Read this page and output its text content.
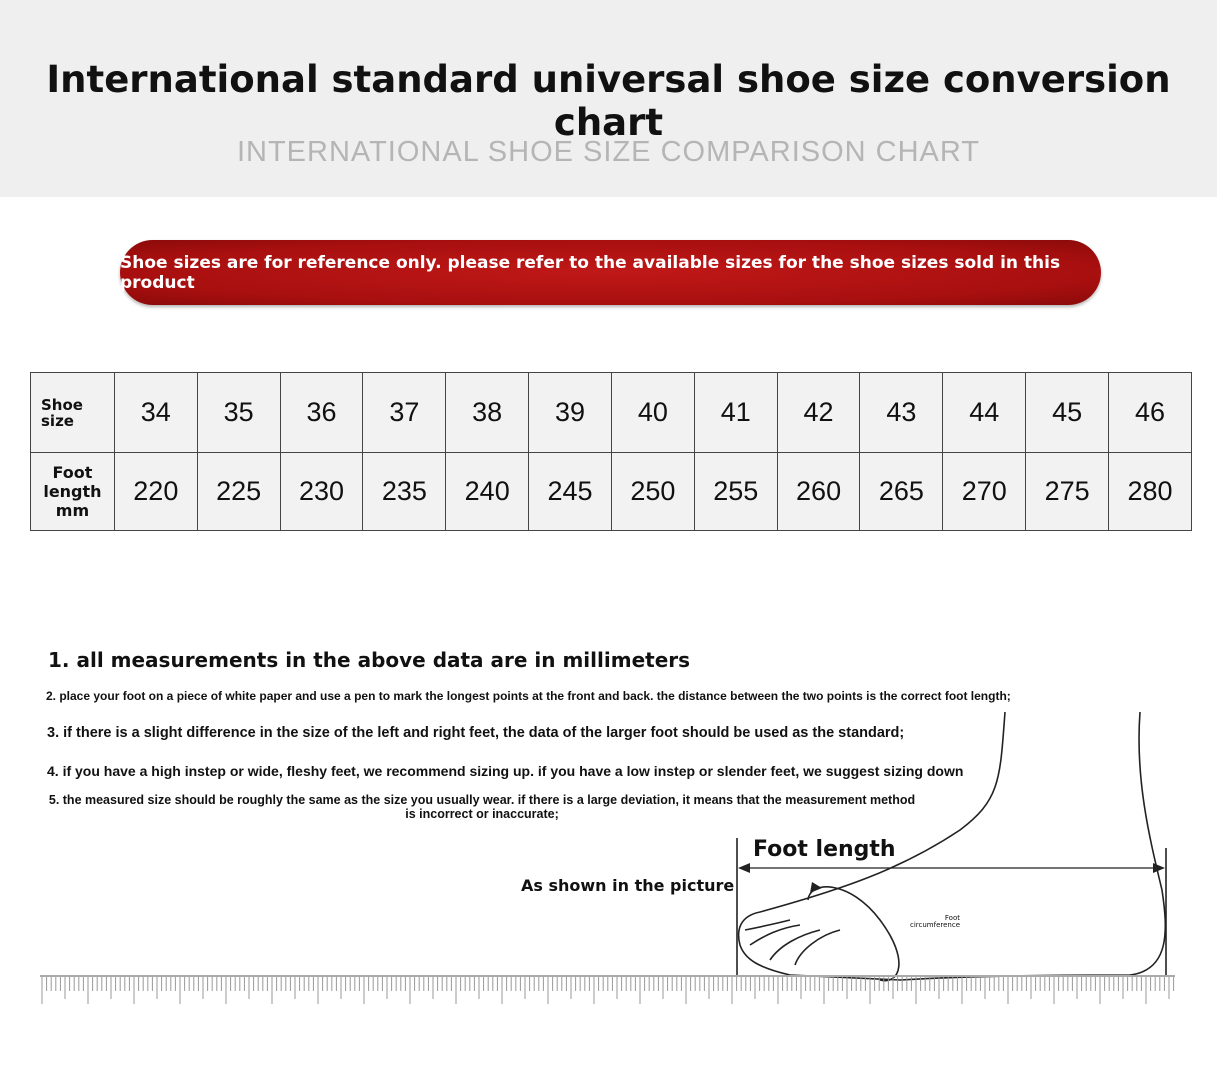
International standard universal shoe size conversion chart
INTERNATIONAL SHOE SIZE COMPARISON CHART
Shoe sizes are for reference only. please refer to the available sizes for the shoe sizes sold in this product
Shoe size	34	35	36	37	38	39	40	41	42	43	44	45	46
Foot length mm	220	225	230	235	240	245	250	255	260	265	270	275	280
1. all measurements in the above data are in millimeters
2. place your foot on a piece of white paper and use a pen to mark the longest points at the front and back. the distance between the two points is the correct foot length;
3. if there is a slight difference in the size of the left and right feet, the data of the larger foot should be used as the standard;
4. if you have a high instep or wide, fleshy feet, we recommend sizing up. if you have a low instep or slender feet, we suggest sizing down
5. the measured size should be roughly the same as the size you usually wear. if there is a large deviation, it means that the measurement method is incorrect or inaccurate;
As shown in the picture
Foot length
Foot circumference
